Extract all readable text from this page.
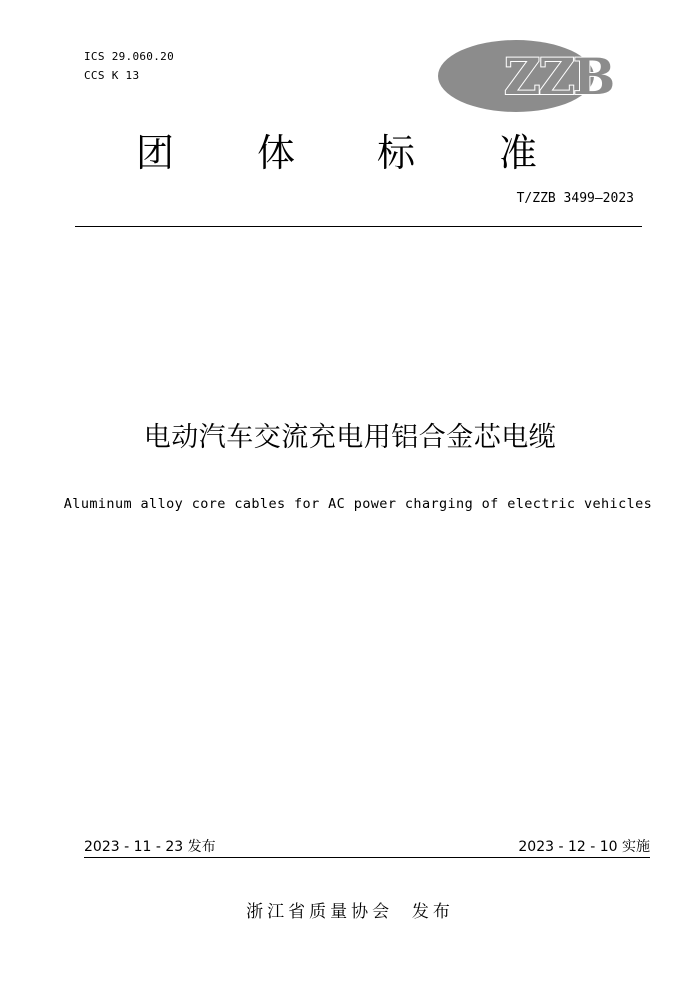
ICS 29.060.20
CCS K 13	ZZB
团 体 标 准
T/ZZB 3499—2023
电动汽车交流充电用铝合金芯电缆
Aluminum alloy core cables for AC power charging of electric vehicles
2023 - 11 - 23 发布	2023 - 12 - 10 实施
浙江省质量协会  发布
